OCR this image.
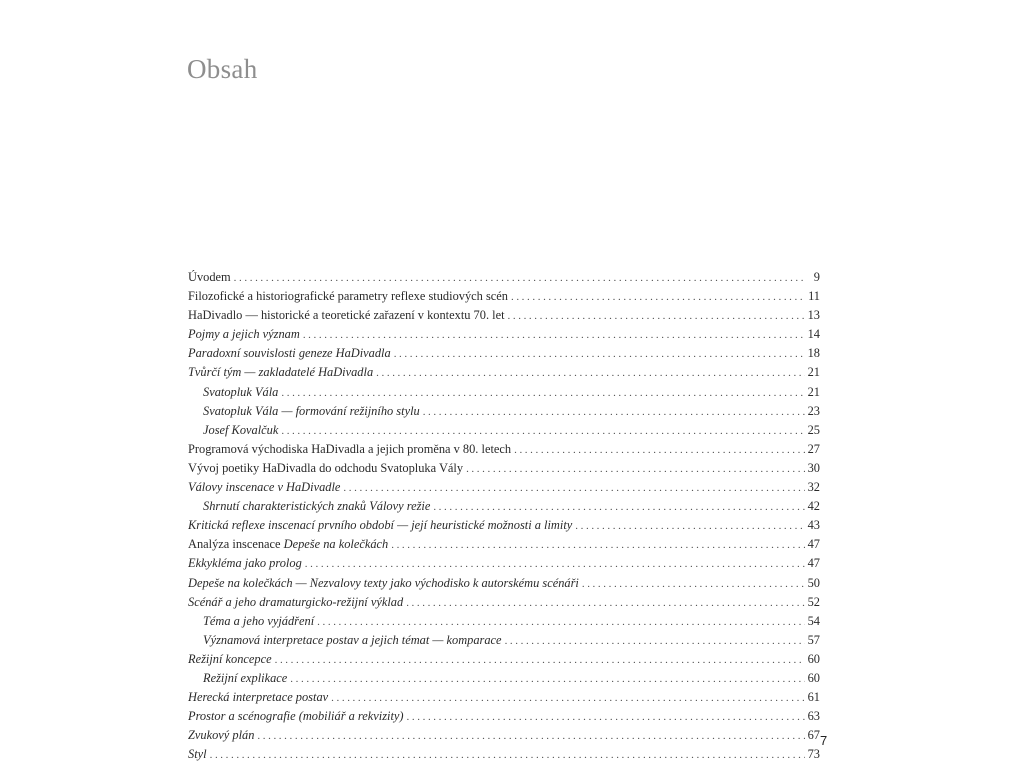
Obsah
Úvodem .....	9
Filozofické a historiografické parametry reflexe studiových scén .....	11
HaDivadlo — historické a teoretické zařazení v kontextu 70. let .....	13
Pojmy a jejich význam .....	14
Paradoxní souvislosti geneze HaDivadla .....	18
Tvůrčí tým — zakladatelé HaDivadla .....	21
Svatopluk Vála .....	21
Svatopluk Vála — formování režijního stylu .....	23
Josef Kovalčuk .....	25
Programová východiska HaDivadla a jejich proměna v 80. letech .....	27
Vývoj poetiky HaDivadla do odchodu Svatopluka Vály .....	30
Válovy inscenace v HaDivadle .....	32
Shrnutí charakteristických znaků Válovy režie .....	42
Kritická reflexe inscenací prvního období — její heuristické možnosti a limity .....	43
Analýza inscenace Depeše na kolečkách .....	47
Ekkykléma jako prolog .....	47
Depeše na kolečkách — Nezvalovy texty jako východisko k autorskému scénáři .....	50
Scénář a jeho dramaturgicko-režijní výklad .....	52
Téma a jeho vyjádření .....	54
Významová interpretace postav a jejich témat — komparace .....	57
Režijní koncepce .....	60
Režijní explikace .....	60
Herecká interpretace postav .....	61
Prostor a scénografie (mobiliář a rekvizity) .....	63
Zvukový plán .....	67
Styl .....	73
7
